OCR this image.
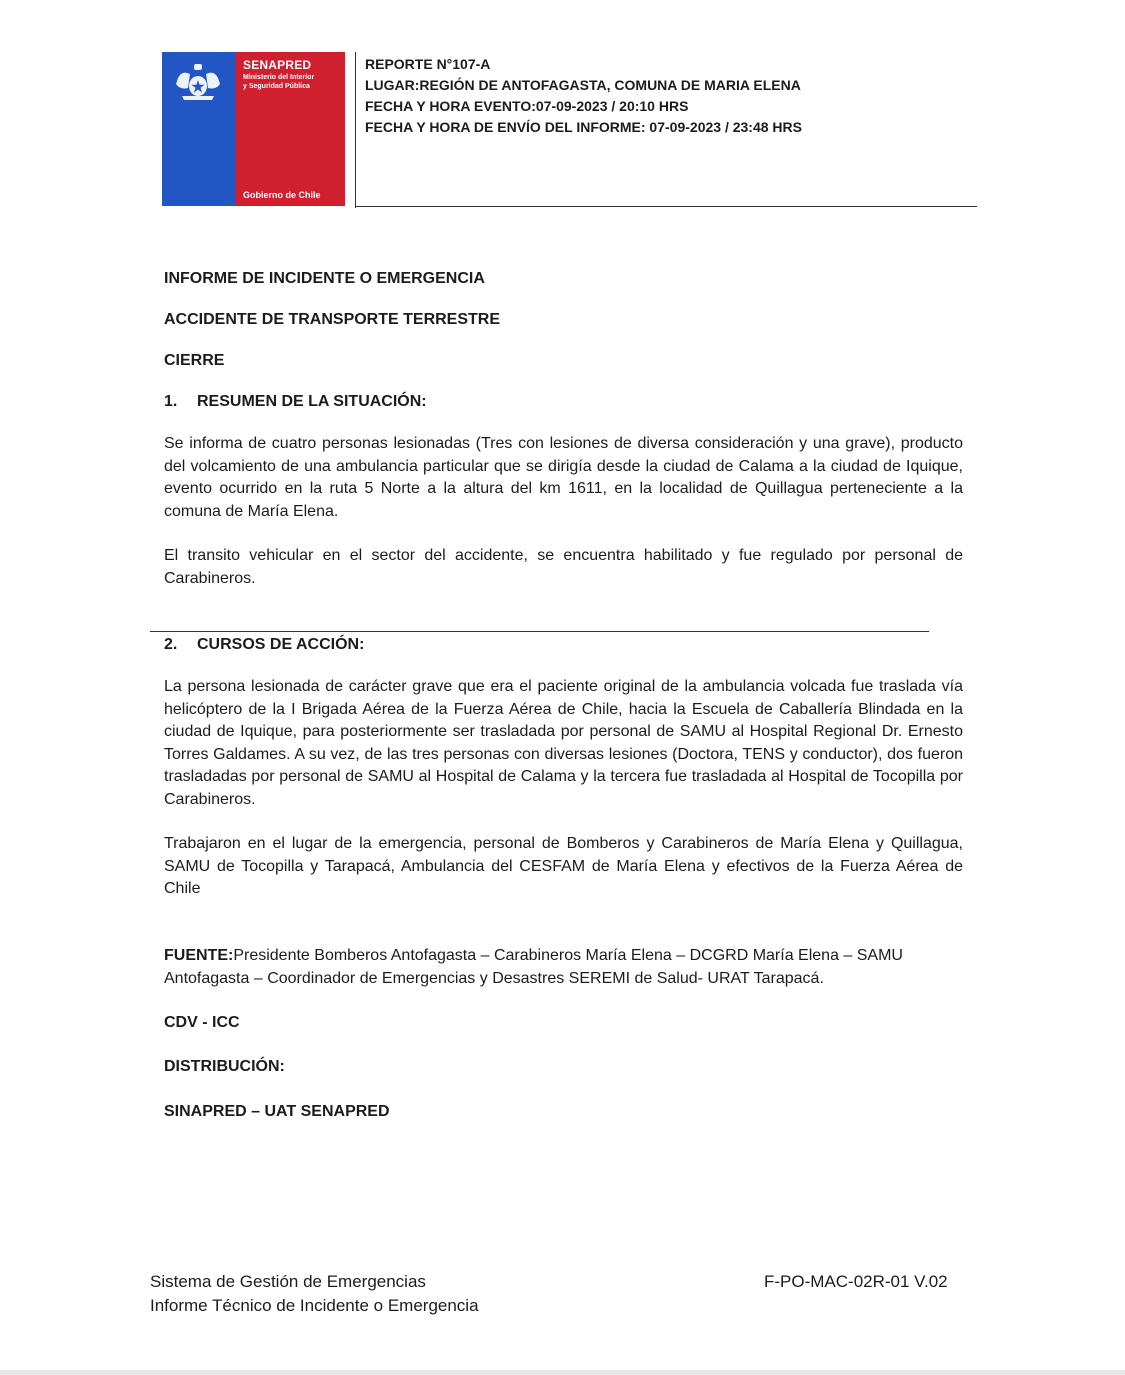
SENAPRED
Ministerio del Interior
y Seguridad Pública
Gobierno de Chile
REPORTE N°107-A
LUGAR:REGIÓN DE ANTOFAGASTA, COMUNA DE MARIA ELENA
FECHA Y HORA EVENTO:07-09-2023 / 20:10 HRS
FECHA Y HORA DE ENVÍO DEL INFORME: 07-09-2023 / 23:48 HRS
INFORME DE INCIDENTE O EMERGENCIA
ACCIDENTE DE TRANSPORTE TERRESTRE
CIERRE
1. RESUMEN DE LA SITUACIÓN:
Se informa de cuatro personas lesionadas (Tres con lesiones de diversa consideración y una grave), producto del volcamiento de una ambulancia particular que se dirigía desde la ciudad de Calama a la ciudad de Iquique, evento ocurrido en la ruta 5 Norte a la altura del km 1611, en la localidad de Quillagua perteneciente a la comuna de María Elena.
El transito vehicular en el sector del accidente, se encuentra habilitado y fue regulado por personal de Carabineros.
2. CURSOS DE ACCIÓN:
La persona lesionada de carácter grave que era el paciente original de la ambulancia volcada fue traslada vía helicóptero de la I Brigada Aérea de la Fuerza Aérea de Chile, hacia la Escuela de Caballería Blindada en la ciudad de Iquique, para posteriormente ser trasladada por personal de SAMU al Hospital Regional Dr. Ernesto Torres Galdames. A su vez, de las tres personas con diversas lesiones (Doctora, TENS y conductor), dos fueron trasladadas por personal de SAMU al Hospital de Calama y la tercera fue trasladada al Hospital de Tocopilla por Carabineros.
Trabajaron en el lugar de la emergencia, personal de Bomberos y Carabineros de María Elena y Quillagua, SAMU de Tocopilla y Tarapacá, Ambulancia del CESFAM de María Elena y efectivos de la Fuerza Aérea de Chile
FUENTE:Presidente Bomberos Antofagasta – Carabineros María Elena – DCGRD María Elena – SAMU Antofagasta – Coordinador de Emergencias y Desastres SEREMI de Salud- URAT Tarapacá.
CDV - ICC
DISTRIBUCIÓN:
SINAPRED – UAT SENAPRED
Sistema de Gestión de Emergencias
Informe Técnico de Incidente o Emergencia
F-PO-MAC-02R-01 V.02
